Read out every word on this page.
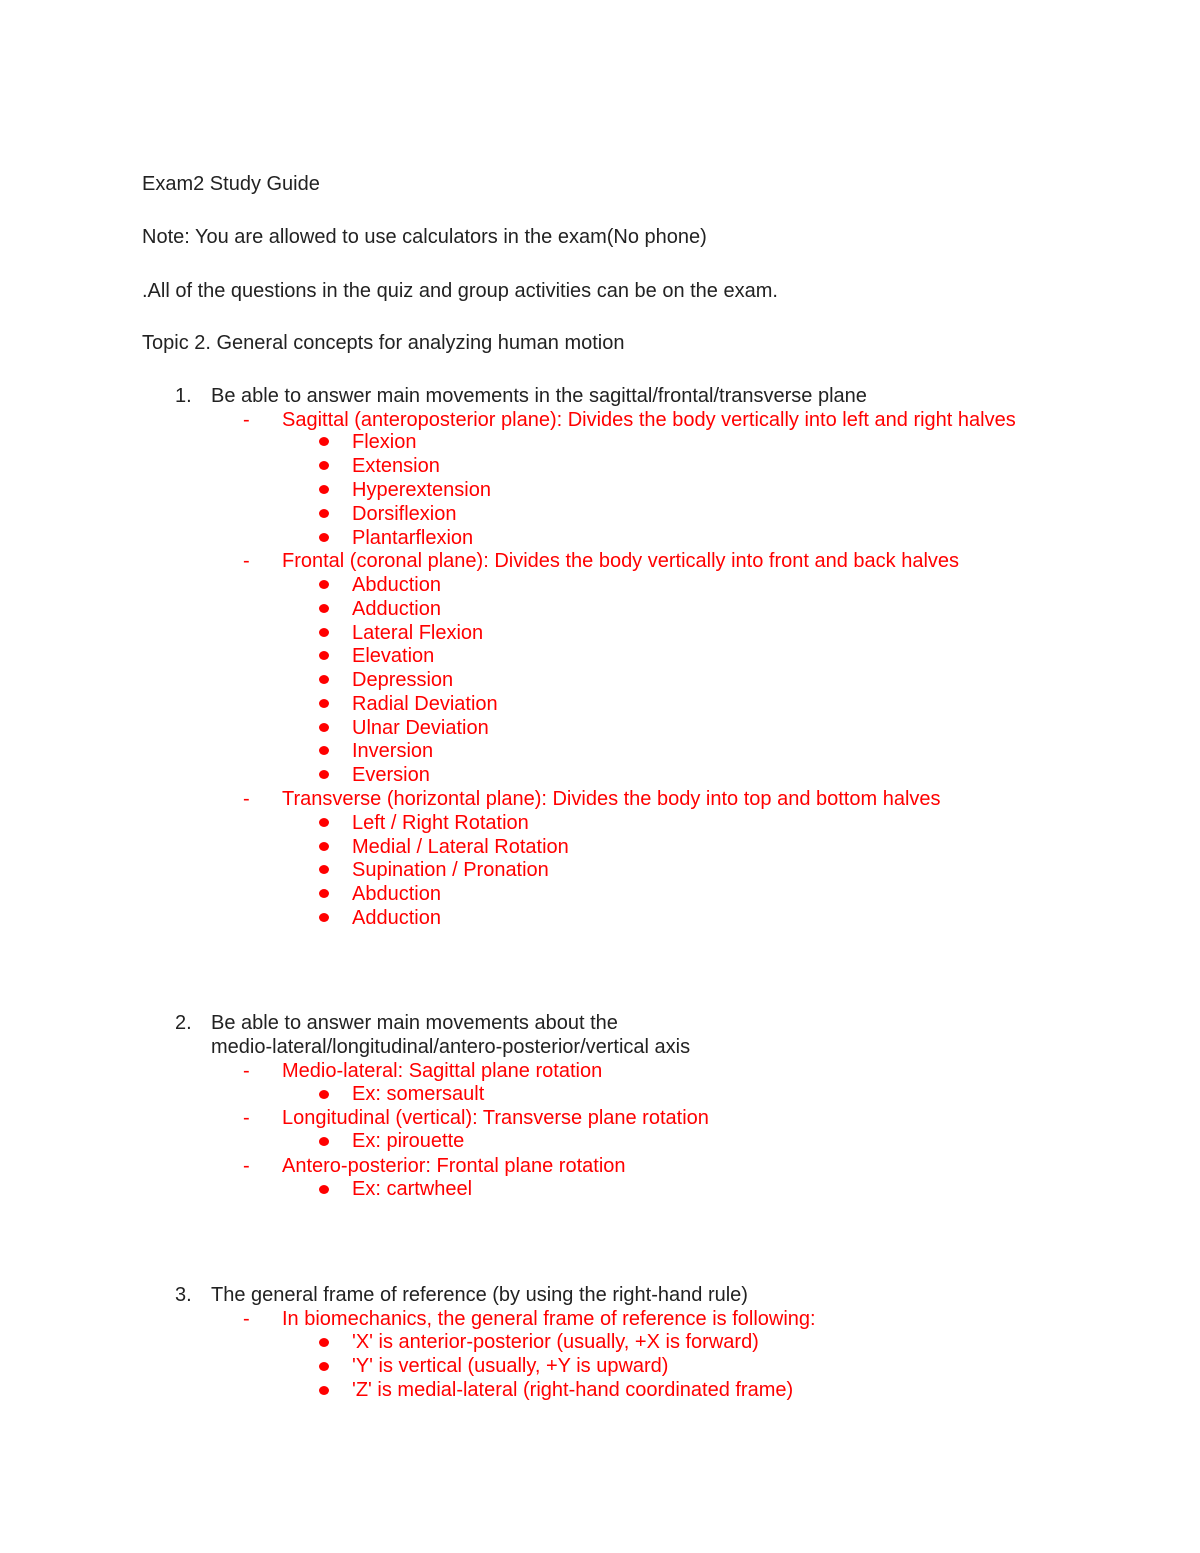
Exam2 Study Guide
Note: You are allowed to use calculators in the exam(No phone)
.All of the questions in the quiz and group activities can be on the exam.
Topic 2. General concepts for analyzing human motion
1. Be able to answer main movements in the sagittal/frontal/transverse plane
- Sagittal (anteroposterior plane): Divides the body vertically into left and right halves
Flexion
Extension
Hyperextension
Dorsiflexion
Plantarflexion
- Frontal (coronal plane): Divides the body vertically into front and back halves
Abduction
Adduction
Lateral Flexion
Elevation
Depression
Radial Deviation
Ulnar Deviation
Inversion
Eversion
- Transverse (horizontal plane): Divides the body into top and bottom halves
Left / Right Rotation
Medial / Lateral Rotation
Supination / Pronation
Abduction
Adduction
2. Be able to answer main movements about the
medio-lateral/longitudinal/antero-posterior/vertical axis
- Medio-lateral: Sagittal plane rotation
Ex: somersault
- Longitudinal (vertical): Transverse plane rotation
Ex: pirouette
- Antero-posterior: Frontal plane rotation
Ex: cartwheel
3. The general frame of reference (by using the right-hand rule)
- In biomechanics, the general frame of reference is following:
'X' is anterior-posterior (usually, +X is forward)
'Y' is vertical (usually, +Y is upward)
'Z' is medial-lateral (right-hand coordinated frame)
